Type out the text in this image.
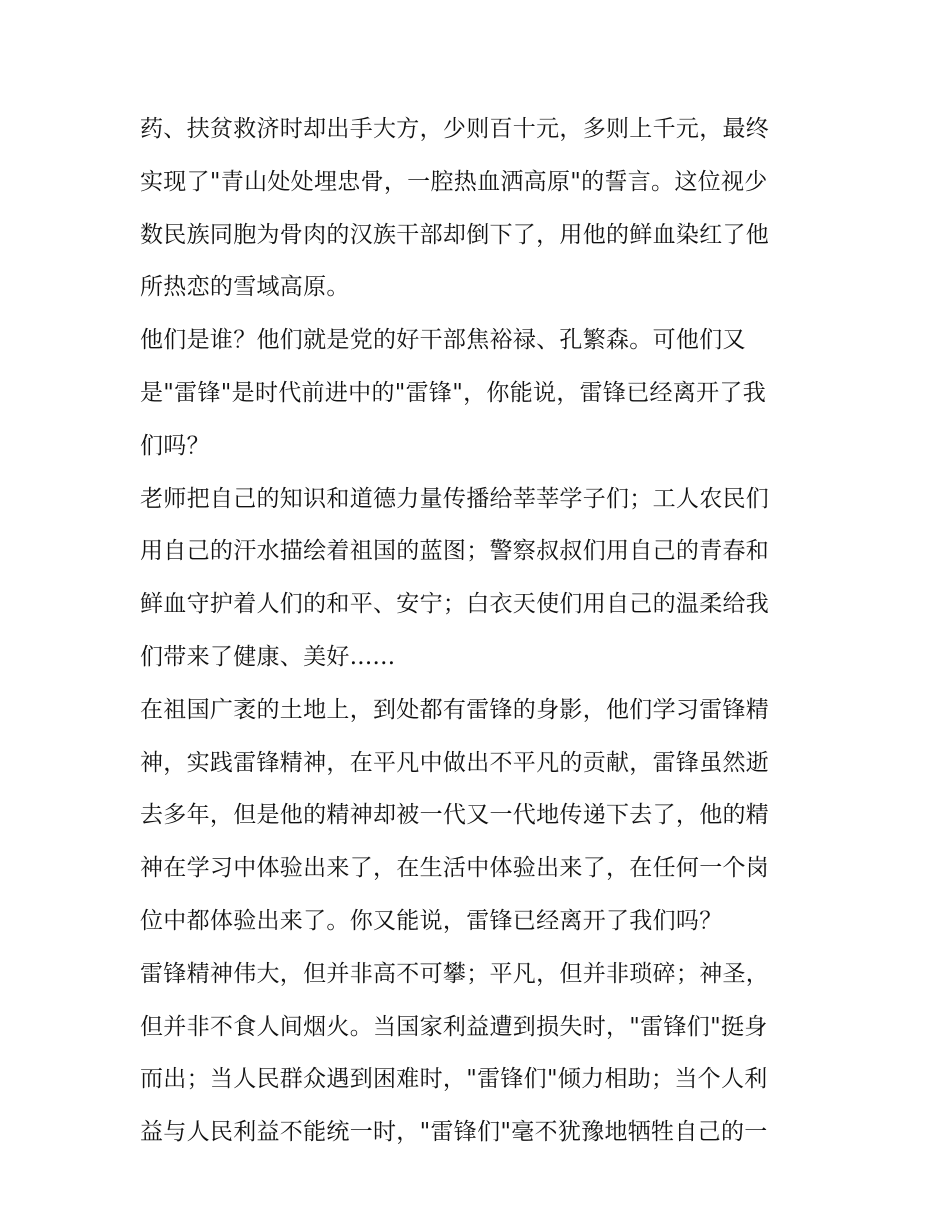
药、扶贫救济时却出手大方，少则百十元，多则上千元，最终
实现了"青山处处埋忠骨，一腔热血洒高原"的誓言。这位视少
数民族同胞为骨肉的汉族干部却倒下了，用他的鲜血染红了他
所热恋的雪域高原。
他们是谁？他们就是党的好干部焦裕禄、孔繁森。可他们又
是"雷锋"是时代前进中的"雷锋"，你能说，雷锋已经离开了我
们吗？
老师把自己的知识和道德力量传播给莘莘学子们；工人农民们
用自己的汗水描绘着祖国的蓝图；警察叔叔们用自己的青春和
鲜血守护着人们的和平、安宁；白衣天使们用自己的温柔给我
们带来了健康、美好......
在祖国广袤的土地上，到处都有雷锋的身影，他们学习雷锋精
神，实践雷锋精神，在平凡中做出不平凡的贡献，雷锋虽然逝
去多年，但是他的精神却被一代又一代地传递下去了，他的精
神在学习中体验出来了，在生活中体验出来了，在任何一个岗
位中都体验出来了。你又能说，雷锋已经离开了我们吗？
雷锋精神伟大，但并非高不可攀；平凡，但并非琐碎；神圣，
但并非不食人间烟火。当国家利益遭到损失时，"雷锋们"挺身
而出；当人民群众遇到困难时，"雷锋们"倾力相助；当个人利
益与人民利益不能统一时，"雷锋们"毫不犹豫地牺牲自己的一
